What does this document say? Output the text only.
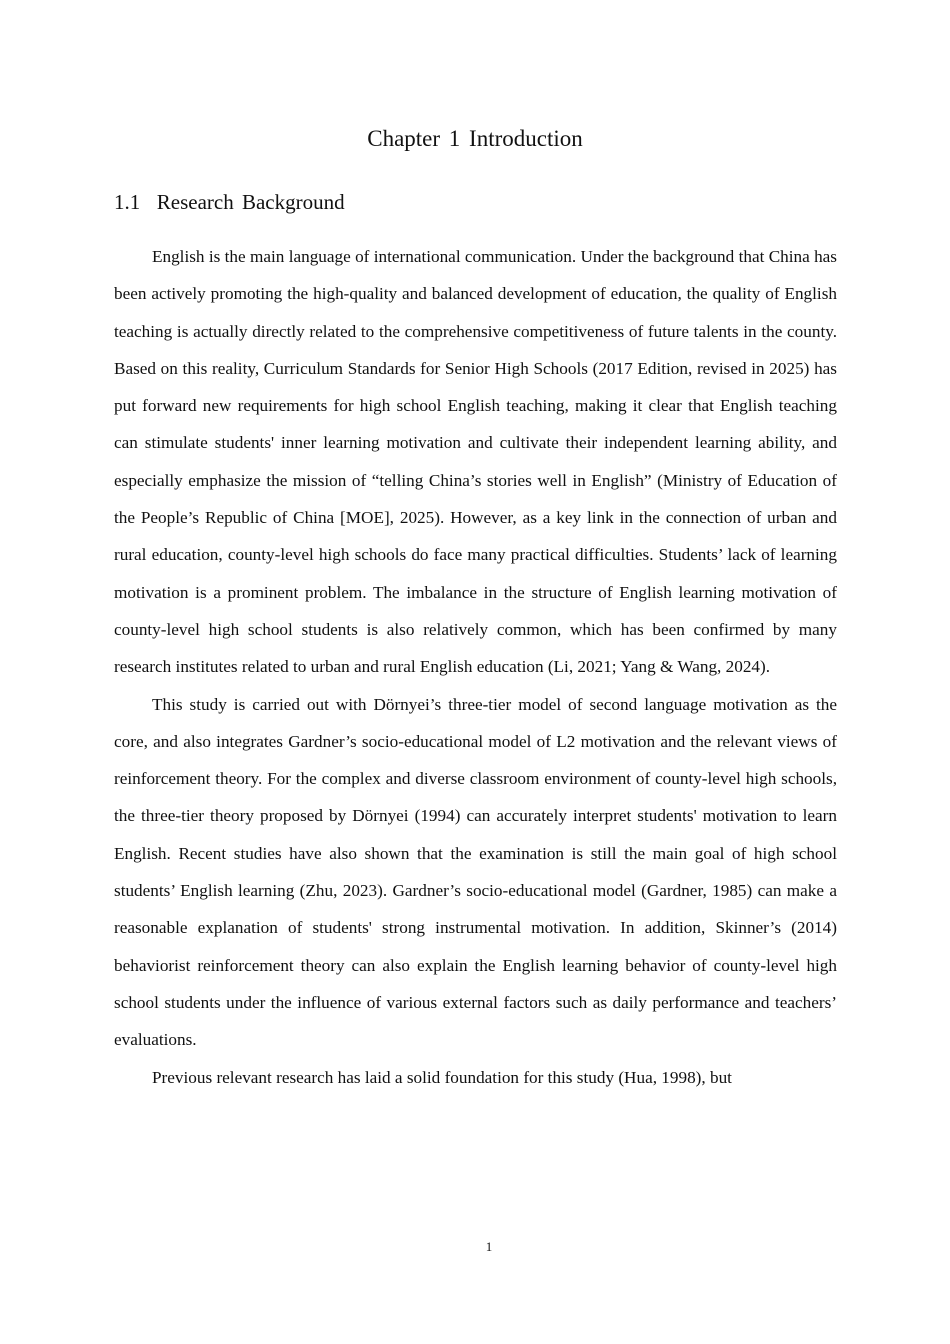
Chapter 1 Introduction
1.1 Research Background

English is the main language of international communication. Under the background that China has been actively promoting the high-quality and balanced development of education, the quality of English teaching is actually directly related to the comprehensive competitiveness of future talents in the county. Based on this reality, Curriculum Standards for Senior High Schools (2017 Edition, revised in 2025) has put forward new requirements for high school English teaching, making it clear that English teaching can stimulate students' inner learning motivation and cultivate their independent learning ability, and especially emphasize the mission of “telling China’s stories well in English” (Ministry of Education of the People’s Republic of China [MOE], 2025). However, as a key link in the connection of urban and rural education, county-level high schools do face many practical difficulties. Students’ lack of learning motivation is a prominent problem. The imbalance in the structure of English learning motivation of county-level high school students is also relatively common, which has been confirmed by many research institutes related to urban and rural English education (Li, 2021; Yang & Wang, 2024).

This study is carried out with Dörnyei’s three-tier model of second language motivation as the core, and also integrates Gardner’s socio-educational model of L2 motivation and the relevant views of reinforcement theory. For the complex and diverse classroom environment of county-level high schools, the three-tier theory proposed by Dörnyei (1994) can accurately interpret students' motivation to learn English. Recent studies have also shown that the examination is still the main goal of high school students’ English learning (Zhu, 2023). Gardner’s socio-educational model (Gardner, 1985) can make a reasonable explanation of students' strong instrumental motivation. In addition, Skinner’s (2014) behaviorist reinforcement theory can also explain the English learning behavior of county-level high school students under the influence of various external factors such as daily performance and teachers’ evaluations.

Previous relevant research has laid a solid foundation for this study (Hua, 1998), but

1
